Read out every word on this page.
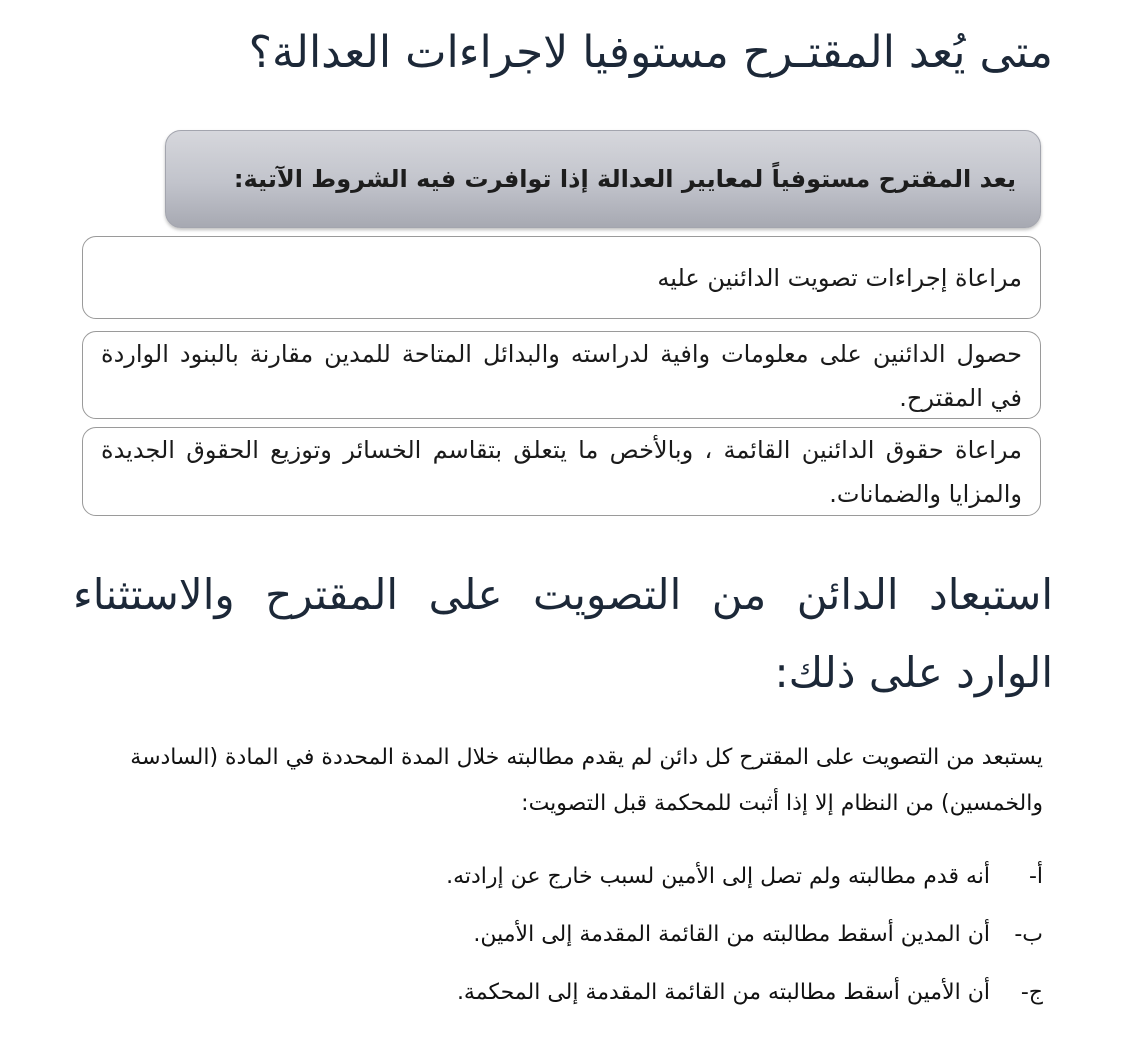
متى يُعد المقتـرح مستوفيا لاجراءات العدالة؟
يعد المقترح مستوفياً لمعايير العدالة إذا توافرت فيه الشروط الآتية:
مراعاة إجراءات تصويت الدائنين عليه
حصول الدائنين على معلومات وافية لدراسته والبدائل المتاحة للمدين مقارنة بالبنود الواردة في المقترح.
مراعاة حقوق الدائنين القائمة ، وبالأخص ما يتعلق بتقاسم الخسائر وتوزيع الحقوق الجديدة والمزايا والضمانات.
استبعاد الدائن من التصويت على المقترح والاستثناء الوارد على ذلك:

يستبعد من التصويت على المقترح كل دائن لم يقدم مطالبته خلال المدة المحددة في المادة (السادسة والخمسين) من النظام إلا إذا أثبت للمحكمة قبل التصويت:

أ- أنه قدم مطالبته ولم تصل إلى الأمين لسبب خارج عن إرادته.
ب- أن المدين أسقط مطالبته من القائمة المقدمة إلى الأمين.
ج- أن الأمين أسقط مطالبته من القائمة المقدمة إلى المحكمة.
